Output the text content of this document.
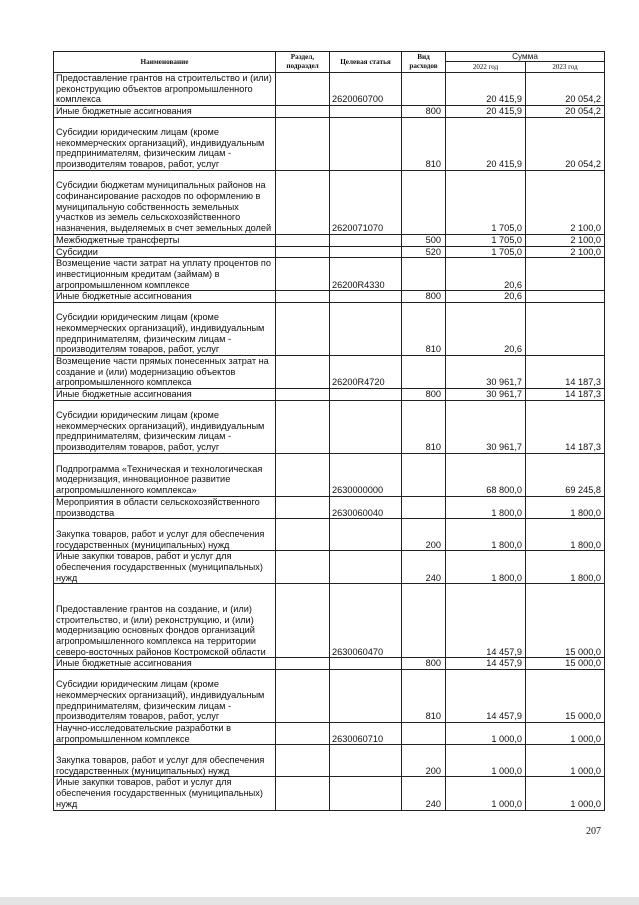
Наименование	Раздел, подраздел	Целевая статья	Вид расходов	Сумма	
				2022 год	2023 год
Предоставление грантов на строительство и (или) реконструкцию объектов агропромышленного комплекса		2620060700		20 415,9	20 054,2
Иные бюджетные ассигнования			800	20 415,9	20 054,2
Субсидии юридическим лицам (кроме некоммерческих организаций), индивидуальным предпринимателям, физическим лицам - производителям товаров, работ, услуг			810	20 415,9	20 054,2
Субсидии бюджетам муниципальных районов на софинансирование расходов по оформлению в муниципальную собственность земельных участков из земель сельскохозяйственного назначения, выделяемых в счет земельных долей		2620071070		1 705,0	2 100,0
Межбюджетные трансферты			500	1 705,0	2 100,0
Субсидии			520	1 705,0	2 100,0
Возмещение части затрат на уплату процентов по инвестиционным кредитам (займам) в агропромышленном комплексе		26200R4330		20,6	
Иные бюджетные ассигнования			800	20,6	
Субсидии юридическим лицам (кроме некоммерческих организаций), индивидуальным предпринимателям, физическим лицам - производителям товаров, работ, услуг			810	20,6	
Возмещение части прямых понесенных затрат на создание и (или) модернизацию объектов агропромышленного комплекса		26200R4720		30 961,7	14 187,3
Иные бюджетные ассигнования			800	30 961,7	14 187,3
Субсидии юридическим лицам (кроме некоммерческих организаций), индивидуальным предпринимателям, физическим лицам - производителям товаров, работ, услуг			810	30 961,7	14 187,3
Подпрограмма «Техническая и технологическая модернизация, инновационное развитие агропромышленного комплекса»		2630000000		68 800,0	69 245,8
Мероприятия в области сельскохозяйственного производства		2630060040		1 800,0	1 800,0
Закупка товаров, работ и услуг для обеспечения государственных (муниципальных) нужд			200	1 800,0	1 800,0
Иные закупки товаров, работ и услуг для обеспечения государственных (муниципальных) нужд			240	1 800,0	1 800,0
Предоставление грантов на создание, и (или) строительство, и (или) реконструкцию, и (или) модернизацию основных фондов организаций агропромышленного комплекса на территории северо-восточных районов Костромской области		2630060470		14 457,9	15 000,0
Иные бюджетные ассигнования			800	14 457,9	15 000,0
Субсидии юридическим лицам (кроме некоммерческих организаций), индивидуальным предпринимателям, физическим лицам - производителям товаров, работ, услуг			810	14 457,9	15 000,0
Научно-исследовательские разработки в агропромышленном комплексе		2630060710		1 000,0	1 000,0
Закупка товаров, работ и услуг для обеспечения государственных (муниципальных) нужд			200	1 000,0	1 000,0
Иные закупки товаров, работ и услуг для обеспечения государственных (муниципальных) нужд			240	1 000,0	1 000,0
207
